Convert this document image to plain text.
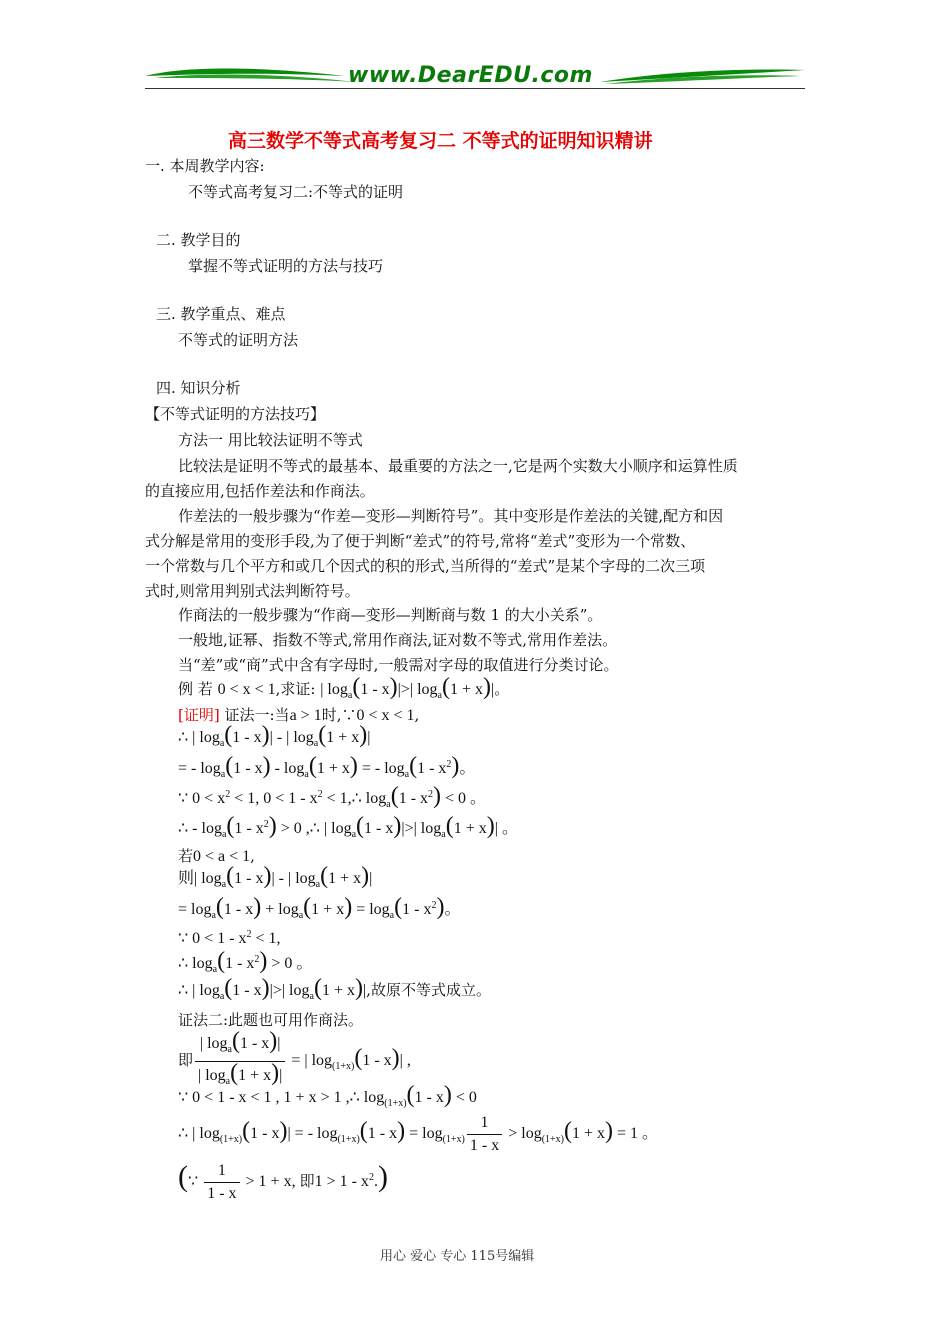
www.DearEDU.com
高三数学不等式高考复习二 不等式的证明知识精讲
一. 本周教学内容:
不等式高考复习二:不等式的证明
二. 教学目的
掌握不等式证明的方法与技巧
三. 教学重点、难点
不等式的证明方法
四. 知识分析
【不等式证明的方法技巧】
方法一 用比较法证明不等式
比较法是证明不等式的最基本、最重要的方法之一,它是两个实数大小顺序和运算性质
的直接应用,包括作差法和作商法。
作差法的一般步骤为“作差—变形—判断符号”。其中变形是作差法的关键,配方和因
式分解是常用的变形手段,为了便于判断“差式”的符号,常将“差式”变形为一个常数、
一个常数与几个平方和或几个因式的积的形式,当所得的“差式”是某个字母的二次三项
式时,则常用判别式法判断符号。
作商法的一般步骤为“作商—变形—判断商与数 1 的大小关系”。
一般地,证幂、指数不等式,常用作商法,证对数不等式,常用作差法。
当“差”或“商”式中含有字母时,一般需对字母的取值进行分类讨论。
例 若 0 < x < 1,求证: | $\log_a(1 - x)|>|$ $\log_a(1 + x)|$。
[证明] 证法一:当a > 1时,∵0 < x < 1,
∴ | $\log_a(1 - x)|$ - | $\log_a(1 + x)|$
= - $\log_a(1 - x) - \log_a(1 + x)$ = - $\log_a(1 - x^2)$。
∵ $0 < x^2 < 1$, $0 < 1 - x^2$ < 1,∴ $\log_a(1 - x^2) < 0$ 。
∴ - $\log_a(1 - x^2) > 0$ ,∴ | $\log_a(1 - x)|>|$ $\log_a(1 + x)|$ 。
若0 < a < 1,
则| $\log_a(1 - x)|$ - | $\log_a(1 + x)|$
= $\log_a(1 - x) + \log_a(1 + x) = \log_a(1 - x^2)$。
∵ $0 < 1 - x^2 < 1$,
∴ $\log_a(1 - x^2) > 0$ 。
∴ | $\log_a(1 - x)|>|$ $\log_a(1 + x)|$,故原不等式成立。
证法二:此题也可用作商法。
即 $\frac{| \log_a(1 - x)|}{| \log_a(1 + x)|}$ = | $\log_{(1+x)}(1 - x)|$ ,
∵ 0 < 1 - x < 1 , 1 + x > 1 ,∴ $\log_{(1+x)}(1 - x) < 0$
∴ | $\log_{(1+x)}(1 - x)|$ = - $\log_{(1+x)}(1 - x) = \log_{(1+x)} \frac{1}{1 - x} > \log_{(1+x)}(1 + x) = 1$ 。
(∵ $\frac{1}{1 - x} > 1 + x$, 即$1 > 1 - x^2$.)
用心 爱心 专心 115号编辑
